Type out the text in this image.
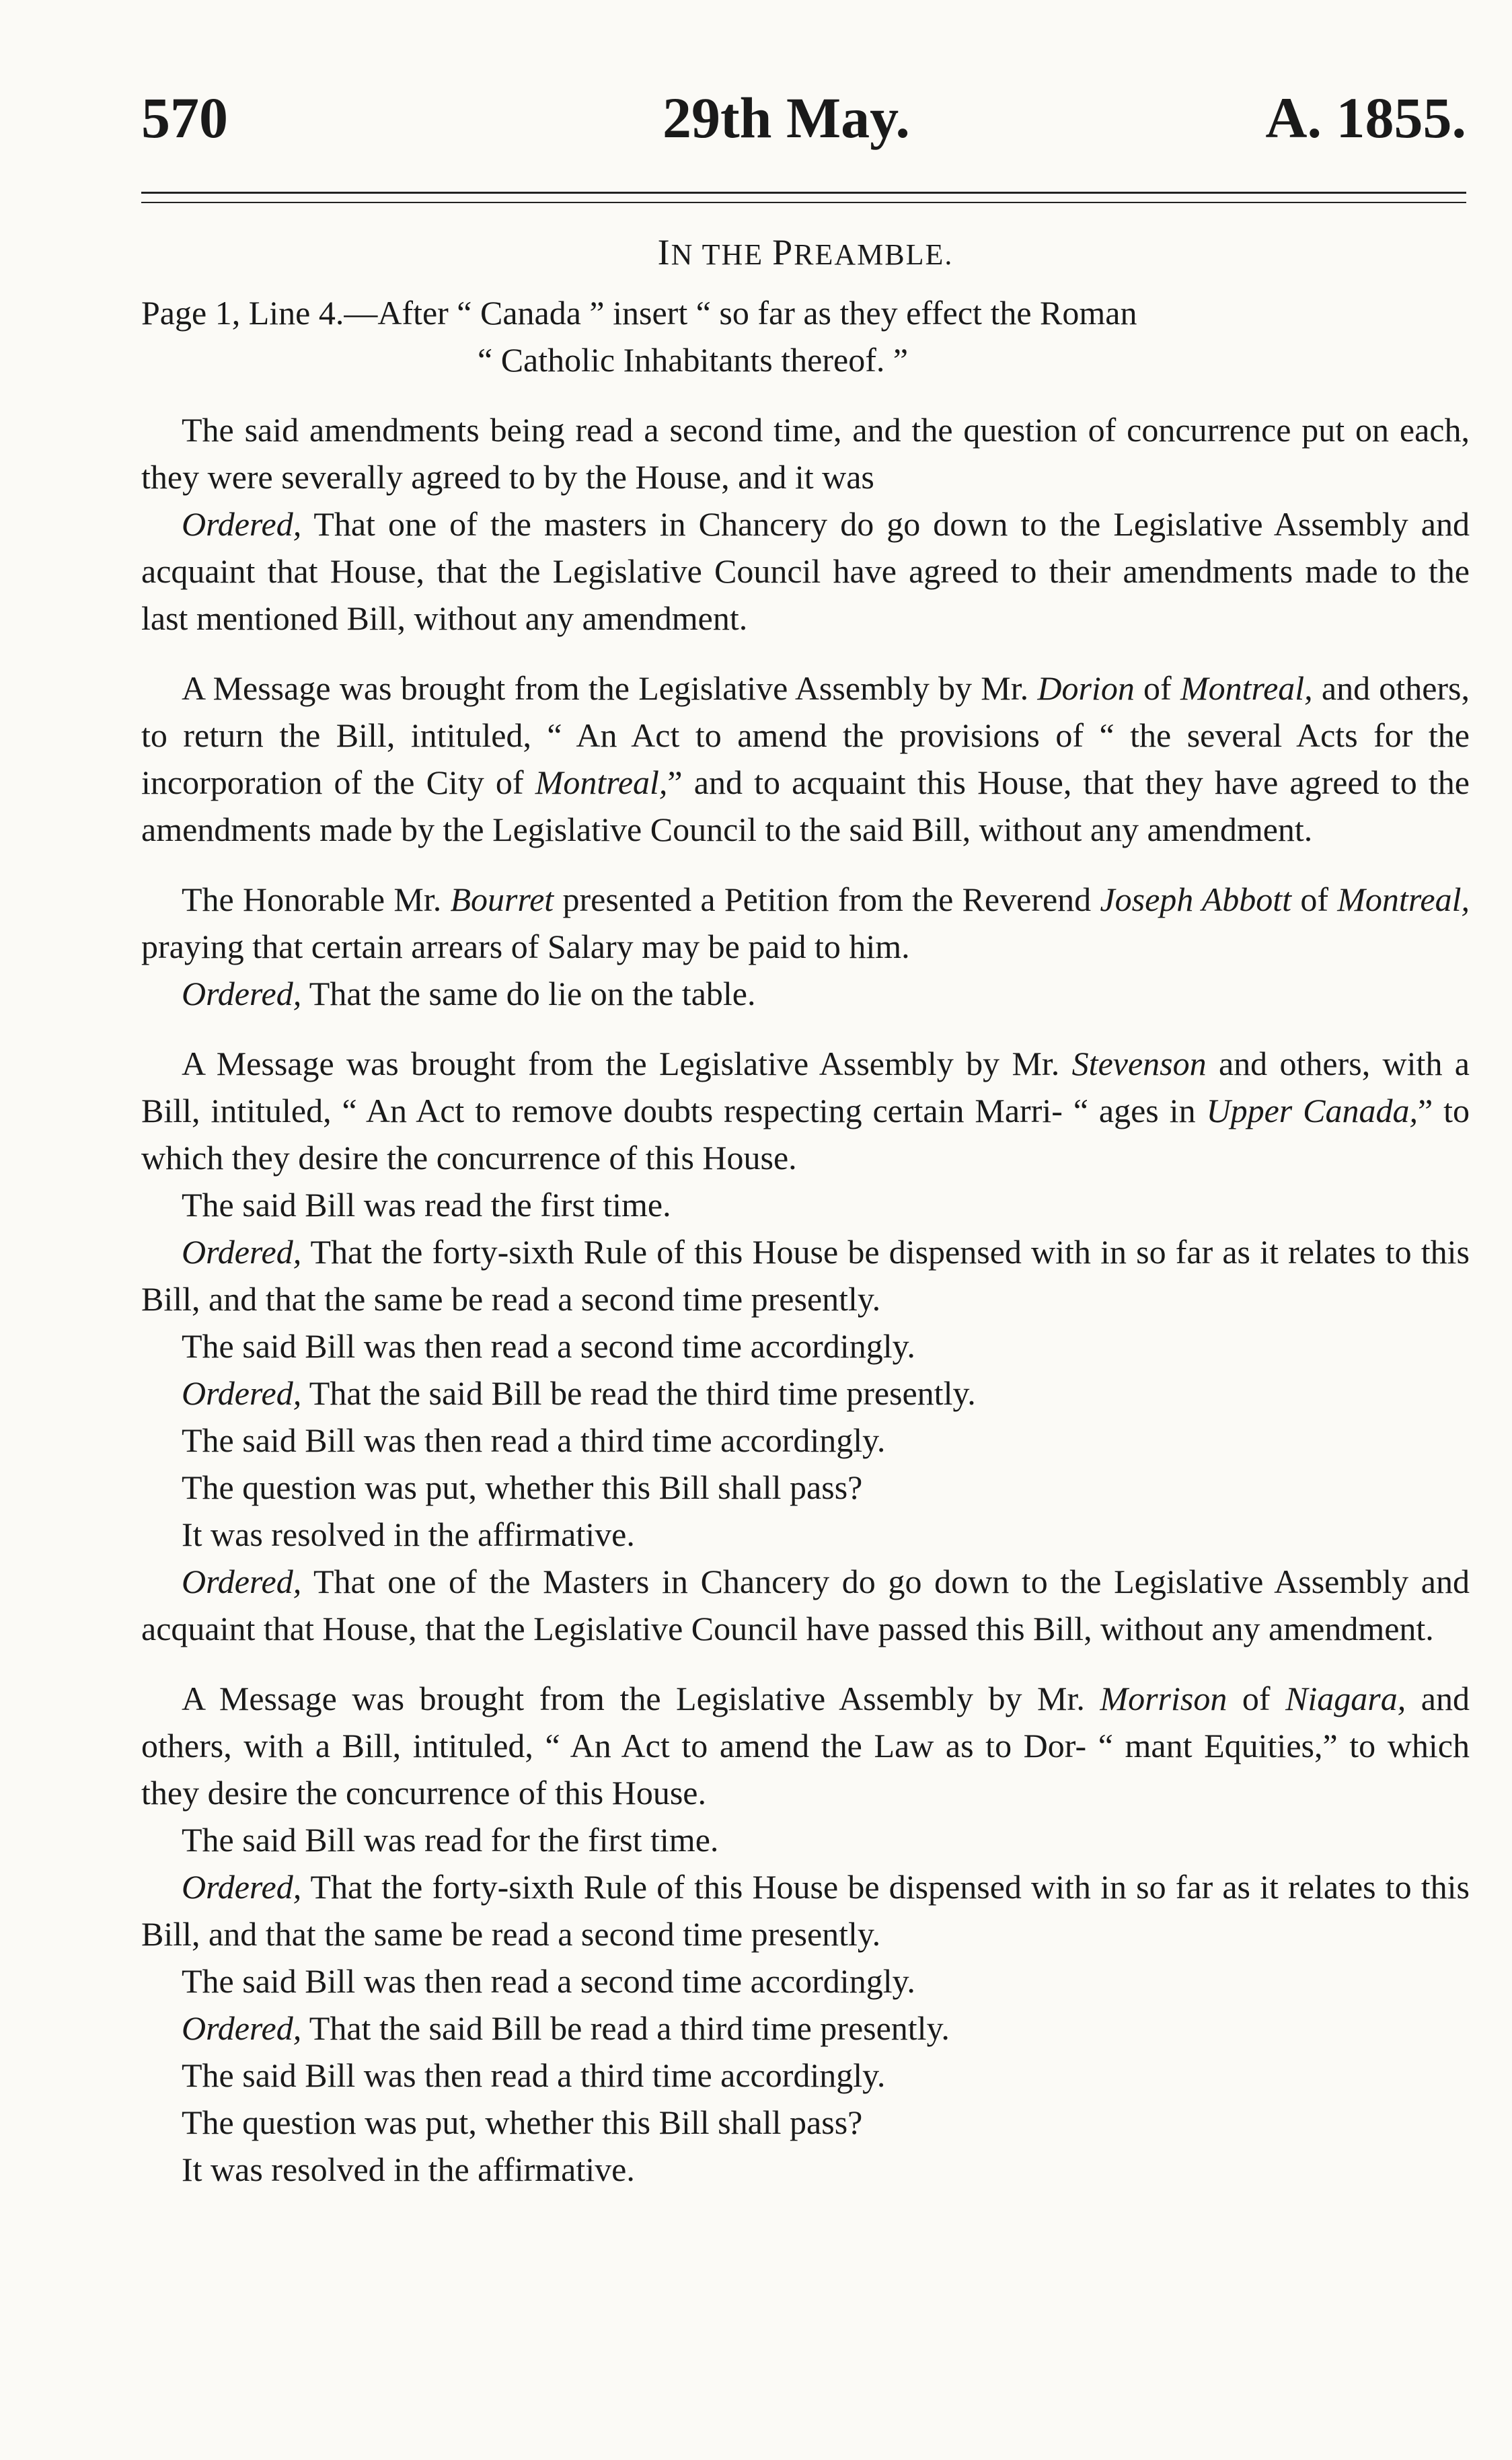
570	29th May.	A. 1855.
IN THE PREAMBLE.

Page 1, Line 4.—After “ Canada ” insert “ so far as they effect the Roman

“ Catholic Inhabitants thereof. ”

The said amendments being read a second time, and the question of concurrence put on each, they were severally agreed to by the House, and it was

Ordered, That one of the masters in Chancery do go down to the Legislative Assembly and acquaint that House, that the Legislative Council have agreed to their amendments made to the last mentioned Bill, without any amendment.

A Message was brought from the Legislative Assembly by Mr. Dorion of Montreal, and others, to return the Bill, intituled, “ An Act to amend the provisions of “ the several Acts for the incorporation of the City of Montreal,” and to acquaint this House, that they have agreed to the amendments made by the Legislative Council to the said Bill, without any amendment.

The Honorable Mr. Bourret presented a Petition from the Reverend Joseph Abbott of Montreal, praying that certain arrears of Salary may be paid to him.

Ordered, That the same do lie on the table.

A Message was brought from the Legislative Assembly by Mr. Stevenson and others, with a Bill, intituled, “ An Act to remove doubts respecting certain Marri- “ ages in Upper Canada,” to which they desire the concurrence of this House.

The said Bill was read the first time.

Ordered, That the forty-sixth Rule of this House be dispensed with in so far as it relates to this Bill, and that the same be read a second time presently.

The said Bill was then read a second time accordingly.

Ordered, That the said Bill be read the third time presently.

The said Bill was then read a third time accordingly.

The question was put, whether this Bill shall pass?

It was resolved in the affirmative.

Ordered, That one of the Masters in Chancery do go down to the Legislative Assembly and acquaint that House, that the Legislative Council have passed this Bill, without any amendment.

A Message was brought from the Legislative Assembly by Mr. Morrison of Niagara, and others, with a Bill, intituled, “ An Act to amend the Law as to Dor- “ mant Equities,” to which they desire the concurrence of this House.

The said Bill was read for the first time.

Ordered, That the forty-sixth Rule of this House be dispensed with in so far as it relates to this Bill, and that the same be read a second time presently.

The said Bill was then read a second time accordingly.

Ordered, That the said Bill be read a third time presently.

The said Bill was then read a third time accordingly.

The question was put, whether this Bill shall pass?

It was resolved in the affirmative.
